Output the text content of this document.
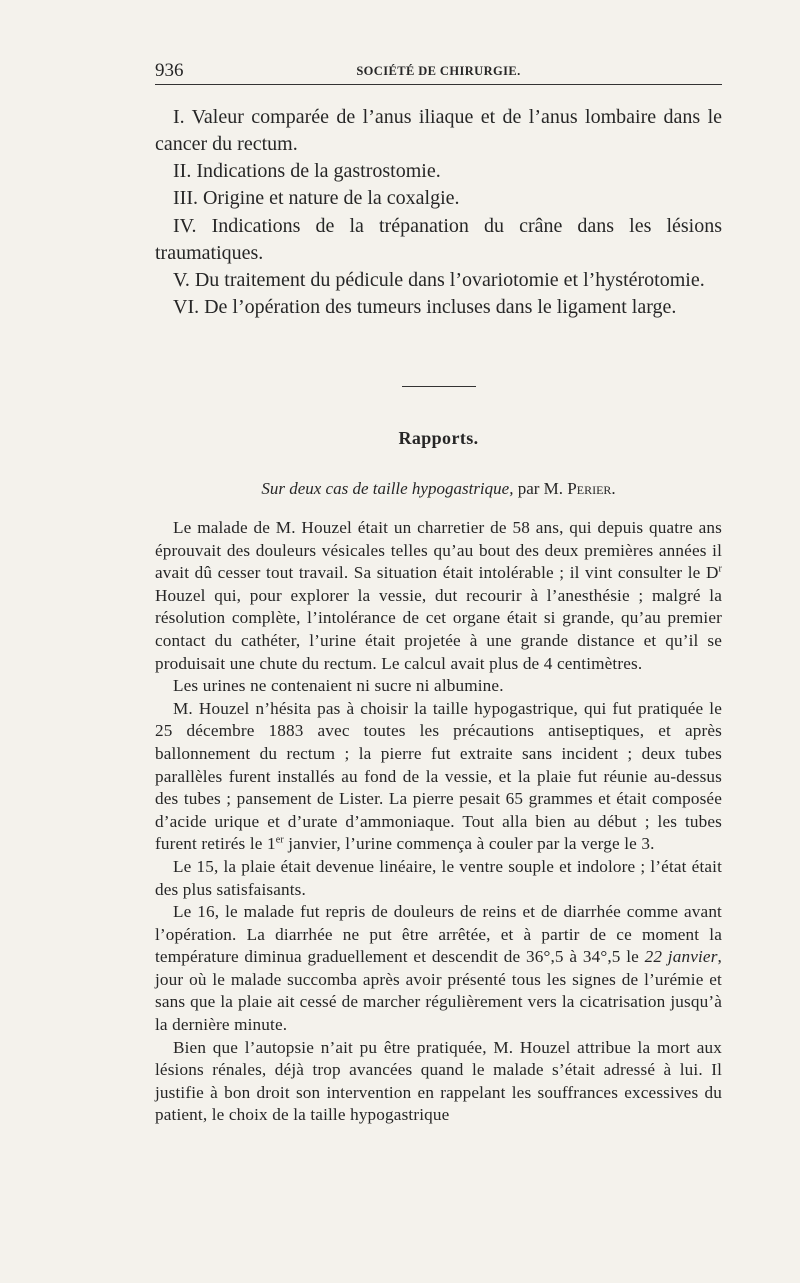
936	SOCIÉTÉ DE CHIRURGIE.

I. Valeur comparée de l’anus iliaque et de l’anus lombaire dans le cancer du rectum.

II. Indications de la gastrostomie.

III. Origine et nature de la coxalgie.

IV. Indications de la trépanation du crâne dans les lésions traumatiques.

V. Du traitement du pédicule dans l’ovariotomie et l’hystérotomie.

VI. De l’opération des tumeurs incluses dans le ligament large.

Rapports.
Sur deux cas de taille hypogastrique, par M. Perier.

Le malade de M. Houzel était un charretier de 58 ans, qui depuis quatre ans éprouvait des douleurs vésicales telles qu’au bout des deux premières années il avait dû cesser tout travail. Sa situation était intolérable ; il vint consulter le $D^r$ Houzel qui, pour explorer la vessie, dut recourir à l’anesthésie ; malgré la résolution complète, l’intolérance de cet organe était si grande, qu’au premier contact du cathéter, l’urine était projetée à une grande distance et qu’il se produisait une chute du rectum. Le calcul avait plus de 4 centimètres.

Les urines ne contenaient ni sucre ni albumine.

M. Houzel n’hésita pas à choisir la taille hypogastrique, qui fut pratiquée le 25 décembre 1883 avec toutes les précautions antiseptiques, et après ballonnement du rectum ; la pierre fut extraite sans incident ; deux tubes parallèles furent installés au fond de la vessie, et la plaie fut réunie au-dessus des tubes ; pansement de Lister. La pierre pesait 65 grammes et était composée d’acide urique et d’urate d’ammoniaque. Tout alla bien au début ; les tubes furent retirés le 1er janvier, l’urine commença à couler par la verge le 3.

Le 15, la plaie était devenue linéaire, le ventre souple et indolore ; l’état était des plus satisfaisants.

Le 16, le malade fut repris de douleurs de reins et de diarrhée comme avant l’opération. La diarrhée ne put être arrêtée, et à partir de ce moment la température diminua graduellement et descendit de 36°,5 à 34°,5 le 22 janvier, jour où le malade succomba après avoir présenté tous les signes de l’urémie et sans que la plaie ait cessé de marcher régulièrement vers la cicatrisation jusqu’à la dernière minute.

Bien que l’autopsie n’ait pu être pratiquée, M. Houzel attribue la mort aux lésions rénales, déjà trop avancées quand le malade s’était adressé à lui. Il justifie à bon droit son intervention en rappelant les souffrances excessives du patient, le choix de la taille hypogastrique
